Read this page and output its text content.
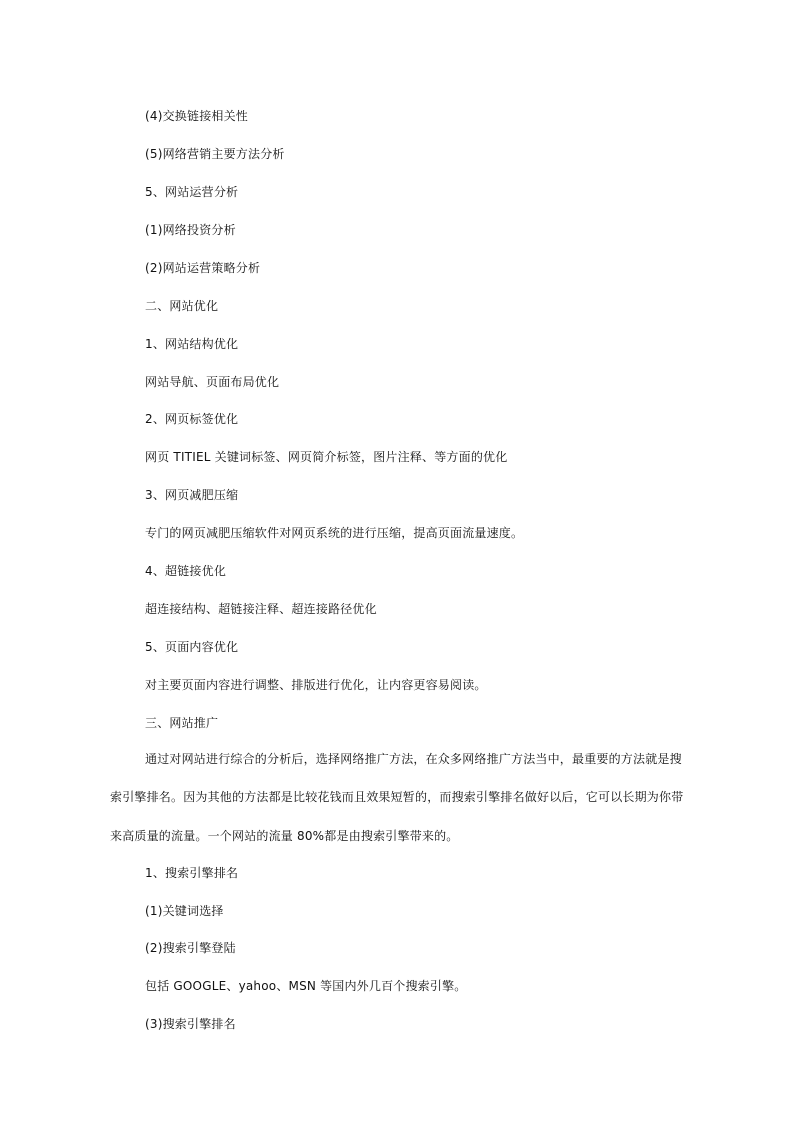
(4)交换链接相关性
(5)网络营销主要方法分析
5、网站运营分析
(1)网络投资分析
(2)网站运营策略分析
二、网站优化
1、网站结构优化
网站导航、页面布局优化
2、网页标签优化
网页 TITIEL 关键词标签、网页简介标签，图片注释、等方面的优化
3、网页减肥压缩
专门的网页减肥压缩软件对网页系统的进行压缩，提高页面流量速度。
4、超链接优化
超连接结构、超链接注释、超连接路径优化
5、页面内容优化
对主要页面内容进行调整、排版进行优化，让内容更容易阅读。
三、网站推广
通过对网站进行综合的分析后，选择网络推广方法，在众多网络推广方法当中，最重要的方法就是搜索引擎排名。因为其他的方法都是比较花钱而且效果短暂的，而搜索引擎排名做好以后，它可以长期为你带来高质量的流量。一个网站的流量 80%都是由搜索引擎带来的。
1、搜索引擎排名
(1)关键词选择
(2)搜索引擎登陆
包括 GOOGLE、yahoo、MSN 等国内外几百个搜索引擎。
(3)搜索引擎排名
